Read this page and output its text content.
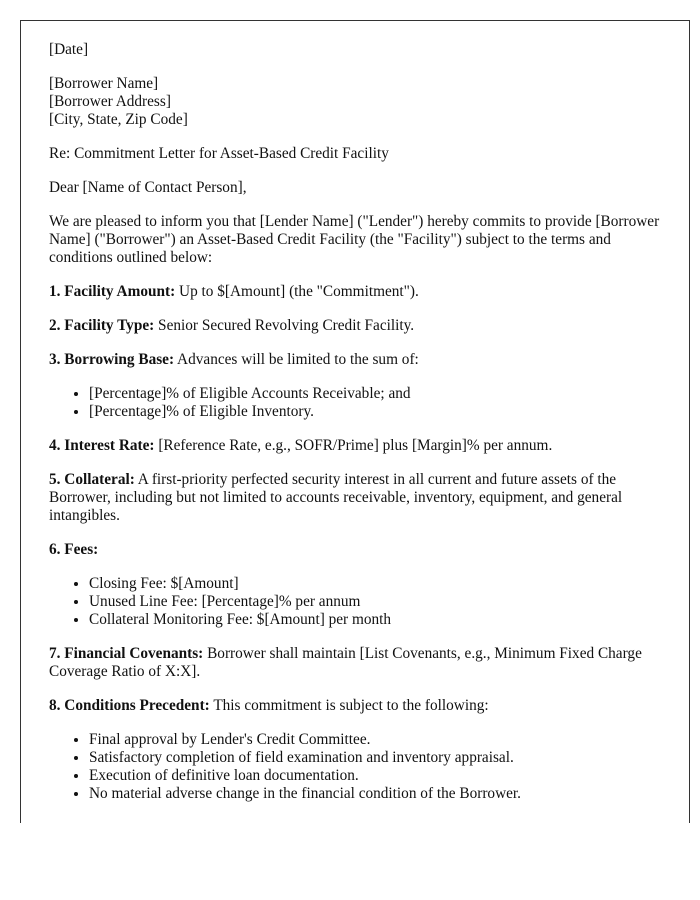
[Date]

[Borrower Name]
[Borrower Address]
[City, State, Zip Code]

Re: Commitment Letter for Asset-Based Credit Facility

Dear [Name of Contact Person],

We are pleased to inform you that [Lender Name] ("Lender") hereby commits to provide [Borrower Name] ("Borrower") an Asset-Based Credit Facility (the "Facility") subject to the terms and conditions outlined below:

1. Facility Amount: Up to $[Amount] (the "Commitment").

2. Facility Type: Senior Secured Revolving Credit Facility.

3. Borrowing Base: Advances will be limited to the sum of:

• [Percentage]% of Eligible Accounts Receivable; and
• [Percentage]% of Eligible Inventory.

4. Interest Rate: [Reference Rate, e.g., SOFR/Prime] plus [Margin]% per annum.

5. Collateral: A first-priority perfected security interest in all current and future assets of the Borrower, including but not limited to accounts receivable, inventory, equipment, and general intangibles.

6. Fees:

• Closing Fee: $[Amount]
• Unused Line Fee: [Percentage]% per annum
• Collateral Monitoring Fee: $[Amount] per month

7. Financial Covenants: Borrower shall maintain [List Covenants, e.g., Minimum Fixed Charge Coverage Ratio of X:X].

8. Conditions Precedent: This commitment is subject to the following:

• Final approval by Lender's Credit Committee.
• Satisfactory completion of field examination and inventory appraisal.
• Execution of definitive loan documentation.
• No material adverse change in the financial condition of the Borrower.
